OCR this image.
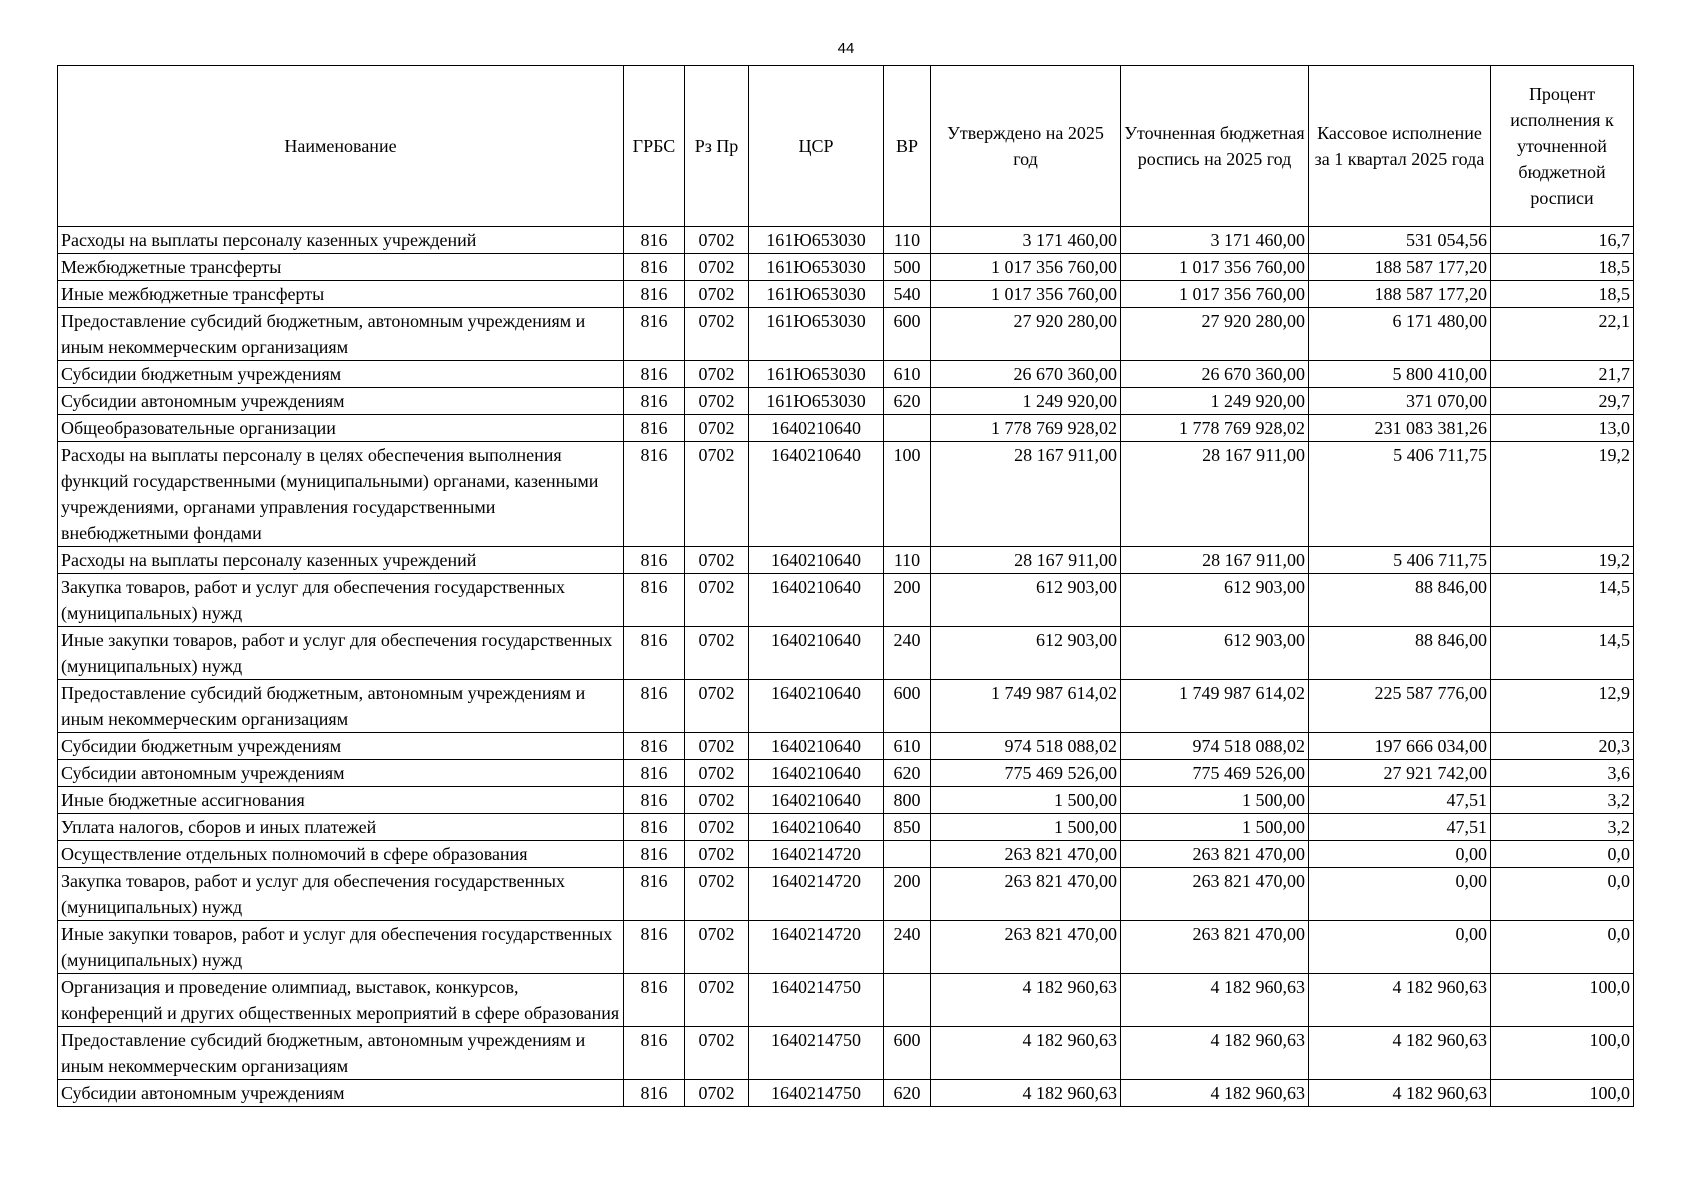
44
Наименование	ГРБС	Рз Пр	ЦСР	ВР	Утверждено на 2025 год	Уточненная бюджетная роспись на 2025 год	Кассовое исполнение за 1 квартал 2025 года	Процент исполнения к уточненной бюджетной росписи
Расходы на выплаты персоналу казенных учреждений	816	0702	161Ю653030	110	3 171 460,00	3 171 460,00	531 054,56	16,7
Межбюджетные трансферты	816	0702	161Ю653030	500	1 017 356 760,00	1 017 356 760,00	188 587 177,20	18,5
Иные межбюджетные трансферты	816	0702	161Ю653030	540	1 017 356 760,00	1 017 356 760,00	188 587 177,20	18,5
Предоставление субсидий бюджетным, автономным учреждениям и иным некоммерческим организациям	816	0702	161Ю653030	600	27 920 280,00	27 920 280,00	6 171 480,00	22,1
Субсидии бюджетным учреждениям	816	0702	161Ю653030	610	26 670 360,00	26 670 360,00	5 800 410,00	21,7
Субсидии автономным учреждениям	816	0702	161Ю653030	620	1 249 920,00	1 249 920,00	371 070,00	29,7
Общеобразовательные организации	816	0702	1640210640		1 778 769 928,02	1 778 769 928,02	231 083 381,26	13,0
Расходы на выплаты персоналу в целях обеспечения выполнения функций государственными (муниципальными) органами, казенными учреждениями, органами управления государственными внебюджетными фондами	816	0702	1640210640	100	28 167 911,00	28 167 911,00	5 406 711,75	19,2
Расходы на выплаты персоналу казенных учреждений	816	0702	1640210640	110	28 167 911,00	28 167 911,00	5 406 711,75	19,2
Закупка товаров, работ и услуг для обеспечения государственных (муниципальных) нужд	816	0702	1640210640	200	612 903,00	612 903,00	88 846,00	14,5
Иные закупки товаров, работ и услуг для обеспечения государственных (муниципальных) нужд	816	0702	1640210640	240	612 903,00	612 903,00	88 846,00	14,5
Предоставление субсидий бюджетным, автономным учреждениям и иным некоммерческим организациям	816	0702	1640210640	600	1 749 987 614,02	1 749 987 614,02	225 587 776,00	12,9
Субсидии бюджетным учреждениям	816	0702	1640210640	610	974 518 088,02	974 518 088,02	197 666 034,00	20,3
Субсидии автономным учреждениям	816	0702	1640210640	620	775 469 526,00	775 469 526,00	27 921 742,00	3,6
Иные бюджетные ассигнования	816	0702	1640210640	800	1 500,00	1 500,00	47,51	3,2
Уплата налогов, сборов и иных платежей	816	0702	1640210640	850	1 500,00	1 500,00	47,51	3,2
Осуществление отдельных полномочий в сфере образования	816	0702	1640214720		263 821 470,00	263 821 470,00	0,00	0,0
Закупка товаров, работ и услуг для обеспечения государственных (муниципальных) нужд	816	0702	1640214720	200	263 821 470,00	263 821 470,00	0,00	0,0
Иные закупки товаров, работ и услуг для обеспечения государственных (муниципальных) нужд	816	0702	1640214720	240	263 821 470,00	263 821 470,00	0,00	0,0
Организация и проведение олимпиад, выставок, конкурсов, конференций и других общественных мероприятий в сфере образования	816	0702	1640214750		4 182 960,63	4 182 960,63	4 182 960,63	100,0
Предоставление субсидий бюджетным, автономным учреждениям и иным некоммерческим организациям	816	0702	1640214750	600	4 182 960,63	4 182 960,63	4 182 960,63	100,0
Субсидии автономным учреждениям	816	0702	1640214750	620	4 182 960,63	4 182 960,63	4 182 960,63	100,0
